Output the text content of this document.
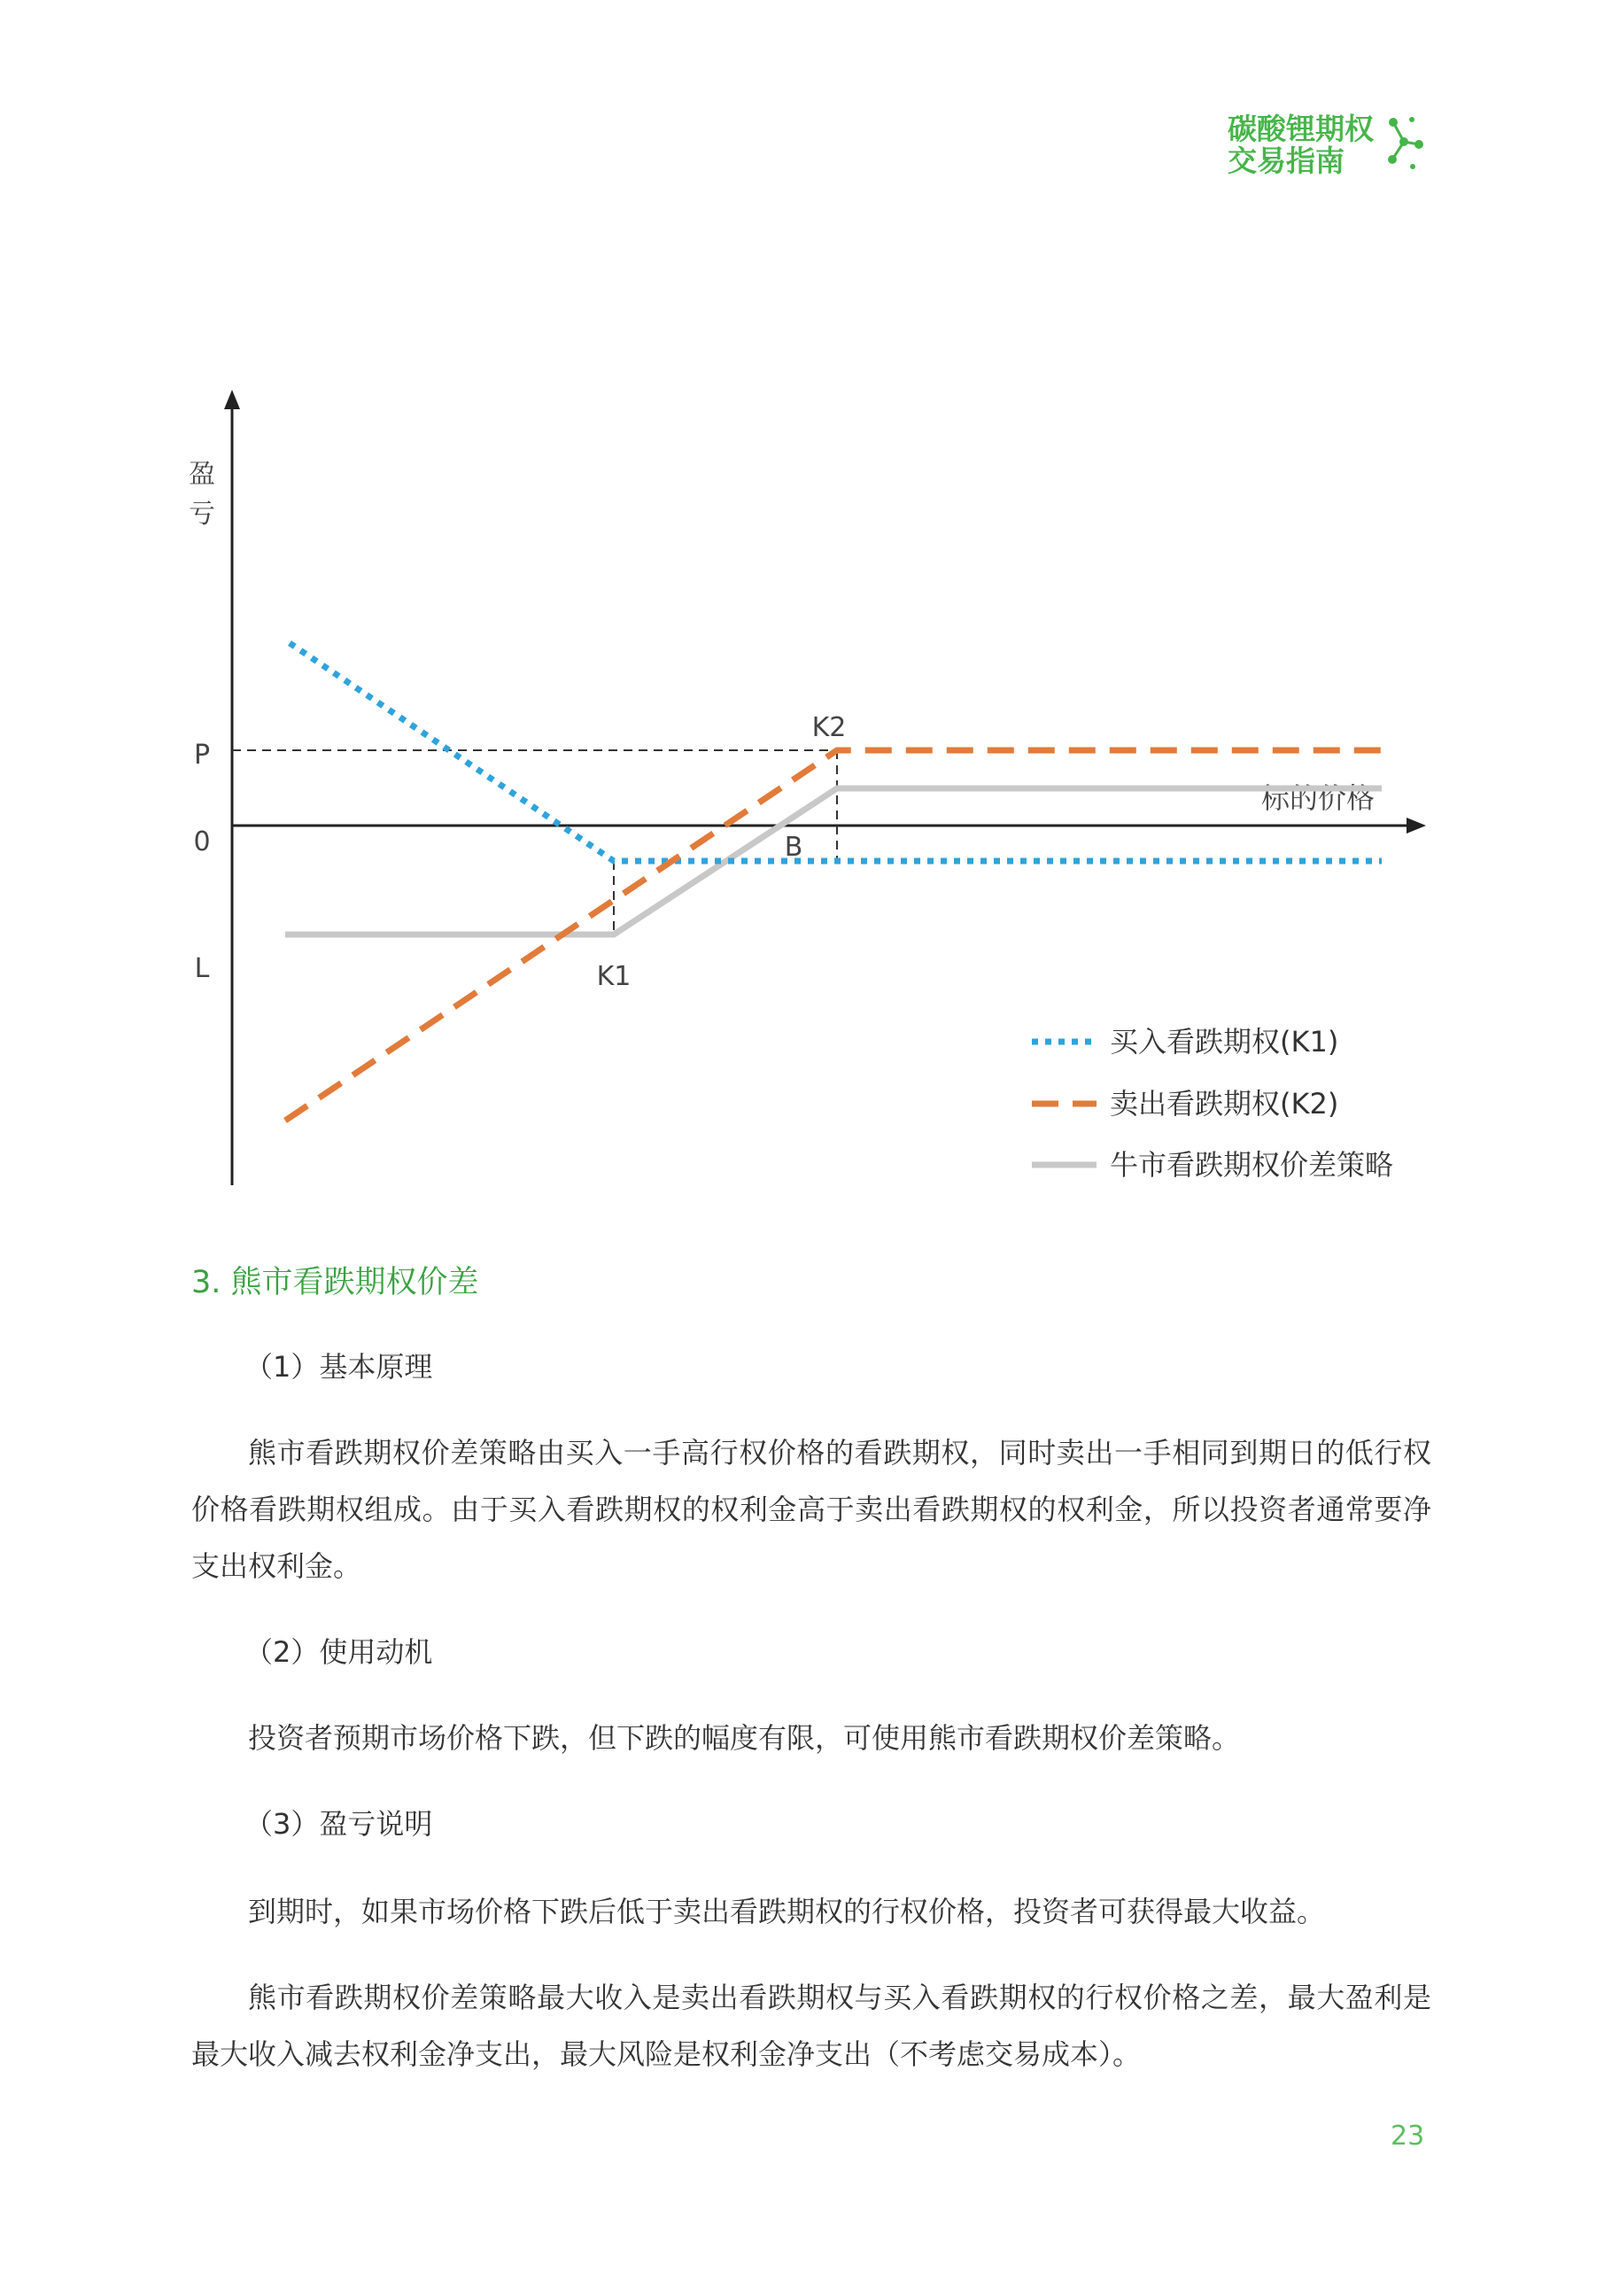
碳酸锂期权
交易指南
盈
亏
P
0
L
标的价格
K1
K2
B
买入看跌期权(K1)
卖出看跌期权(K2)
牛市看跌期权价差策略
3. 熊市看跌期权价差
（1）基本原理
熊市看跌期权价差策略由买入一手高行权价格的看跌期权，同时卖出一手相同到期日的低行权价格看跌期权组成。由于买入看跌期权的权利金高于卖出看跌期权的权利金，所以投资者通常要净支出权利金。
（2）使用动机
投资者预期市场价格下跌，但下跌的幅度有限，可使用熊市看跌期权价差策略。
（3）盈亏说明
到期时，如果市场价格下跌后低于卖出看跌期权的行权价格，投资者可获得最大收益。
熊市看跌期权价差策略最大收入是卖出看跌期权与买入看跌期权的行权价格之差，最大盈利是最大收入减去权利金净支出，最大风险是权利金净支出（不考虑交易成本）。
23
